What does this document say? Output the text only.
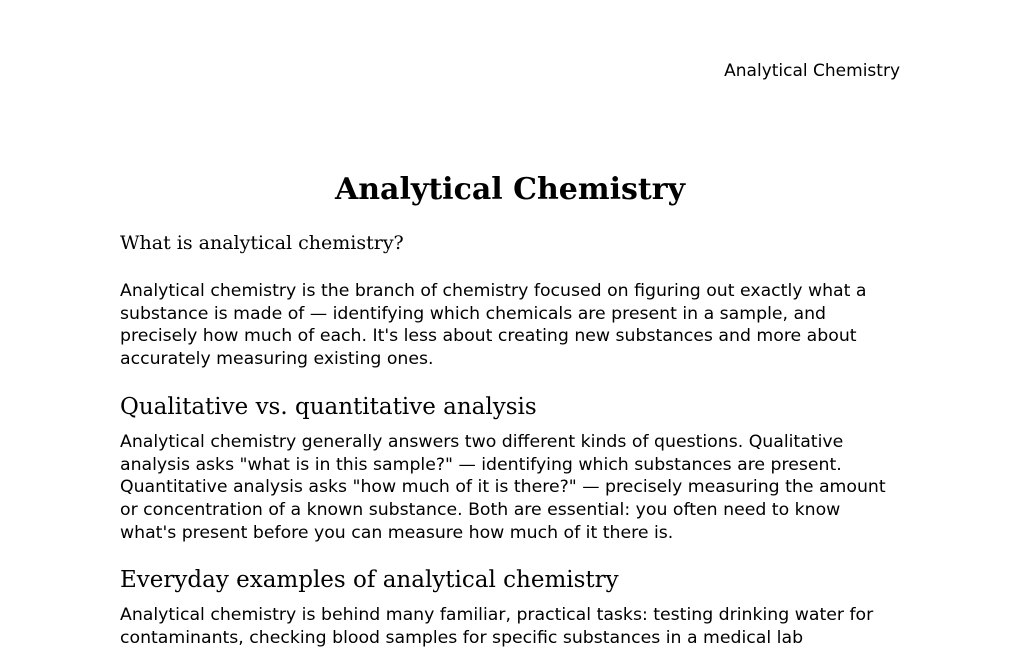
Analytical Chemistry
Analytical Chemistry
What is analytical chemistry?

Analytical chemistry is the branch of chemistry focused on figuring out exactly what a substance is made of — identifying which chemicals are present in a sample, and precisely how much of each. It's less about creating new substances and more about accurately measuring existing ones.

Qualitative vs. quantitative analysis

Analytical chemistry generally answers two different kinds of questions. Qualitative analysis asks "what is in this sample?" — identifying which substances are present. Quantitative analysis asks "how much of it is there?" — precisely measuring the amount or concentration of a known substance. Both are essential: you often need to know what's present before you can measure how much of it there is.

Everyday examples of analytical chemistry

Analytical chemistry is behind many familiar, practical tasks: testing drinking water for contaminants, checking blood samples for specific substances in a medical lab
